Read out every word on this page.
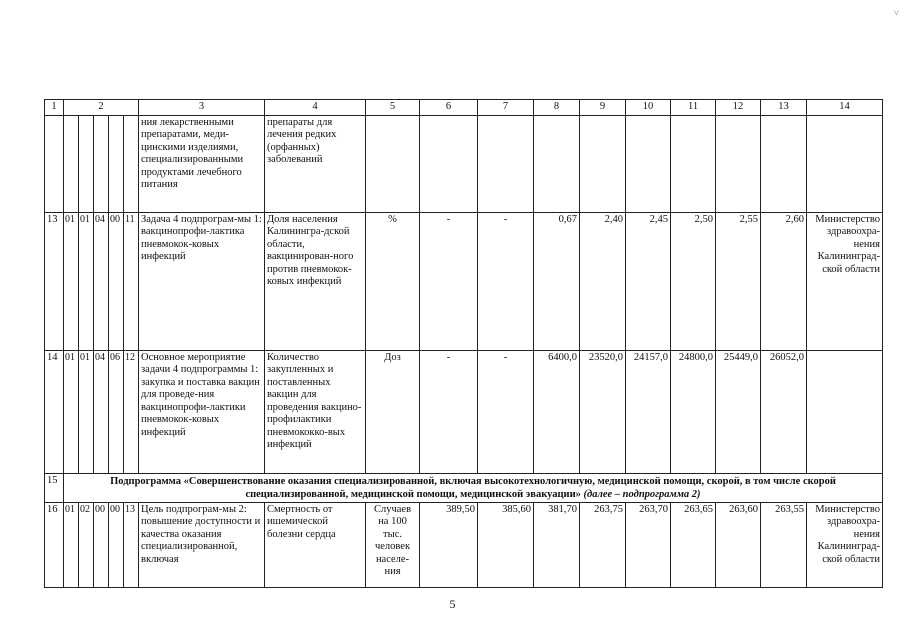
1	2					3	4	5	6	7	8	9	10	11	12	13	14
						ния лекарственными препаратами, меди-цинскими изделиями, специализированными продуктами лечебного питания	препараты для лечения редких (орфанных) заболеваний										
13	01	01	04	00	11	Задача 4 подпрограм-мы 1: вакцинопрофи-лактика пневмокок-ковых инфекций	Доля населения Калинингра-дской области, вакцинирован-ного против пневмокок-ковых инфекций	%	-	-	0,67	2,40	2,45	2,50	2,55	2,60	Министерство здравоохра-нения Калининград-ской области
14	01	01	04	06	12	Основное мероприятие задачи 4 подпрограммы 1: закупка и поставка вакцин для проведе-ния вакцинопрофи-лактики пневмокок-ковых инфекций	Количество закупленных и поставленных вакцин для проведения вакцино-профилактики пневмококко-вых инфекций	Доз	-	-	6400,0	23520,0	24157,0	24800,0	25449,0	26052,0	
15	Подпрограмма «Совершенствование оказания специализированной, включая высокотехнологичную, медицинской помощи, скорой, в том числе скорой специализированной, медицинской помощи, медицинской эвакуации» (далее – подпрограмма 2)																
16	01	02	00	00	13	Цель подпрограм-мы 2: повышение доступности и качества оказания специализированной, включая	Смертность от ишемической болезни сердца	Случаев на 100 тыс. человек населе-ния	389,50	385,60	381,70	263,75	263,70	263,65	263,60	263,55	Министерство здравоохра-нения Калининград-ской области
5
˅
